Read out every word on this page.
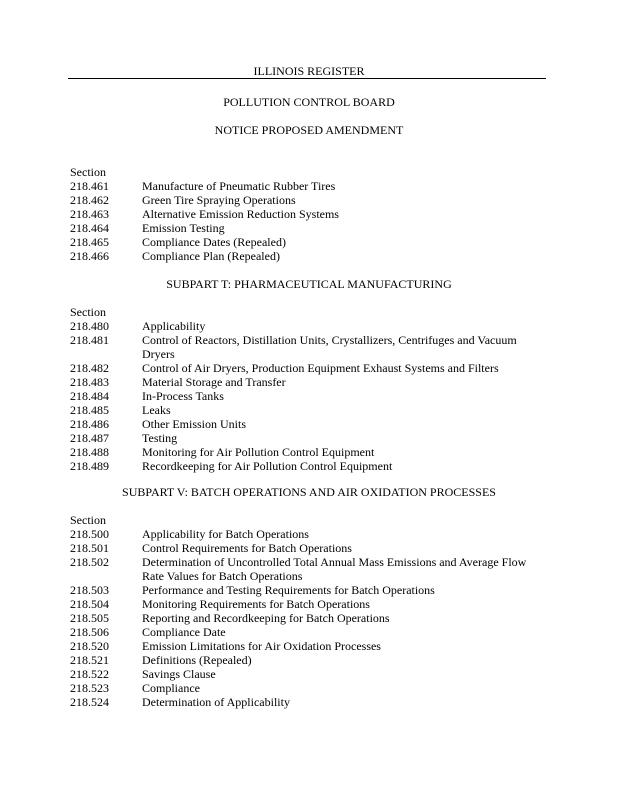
ILLINOIS REGISTER
POLLUTION CONTROL BOARD
NOTICE PROPOSED AMENDMENT
Section
218.461	Manufacture of Pneumatic Rubber Tires
218.462	Green Tire Spraying Operations
218.463	Alternative Emission Reduction Systems
218.464	Emission Testing
218.465	Compliance Dates (Repealed)
218.466	Compliance Plan (Repealed)
SUBPART T: PHARMACEUTICAL MANUFACTURING
Section
218.480	Applicability
218.481	Control of Reactors, Distillation Units, Crystallizers, Centrifuges and Vacuum Dryers
218.482	Control of Air Dryers, Production Equipment Exhaust Systems and Filters
218.483	Material Storage and Transfer
218.484	In-Process Tanks
218.485	Leaks
218.486	Other Emission Units
218.487	Testing
218.488	Monitoring for Air Pollution Control Equipment
218.489	Recordkeeping for Air Pollution Control Equipment
SUBPART V: BATCH OPERATIONS AND AIR OXIDATION PROCESSES
Section
218.500	Applicability for Batch Operations
218.501	Control Requirements for Batch Operations
218.502	Determination of Uncontrolled Total Annual Mass Emissions and Average Flow Rate Values for Batch Operations
218.503	Performance and Testing Requirements for Batch Operations
218.504	Monitoring Requirements for Batch Operations
218.505	Reporting and Recordkeeping for Batch Operations
218.506	Compliance Date
218.520	Emission Limitations for Air Oxidation Processes
218.521	Definitions (Repealed)
218.522	Savings Clause
218.523	Compliance
218.524	Determination of Applicability
